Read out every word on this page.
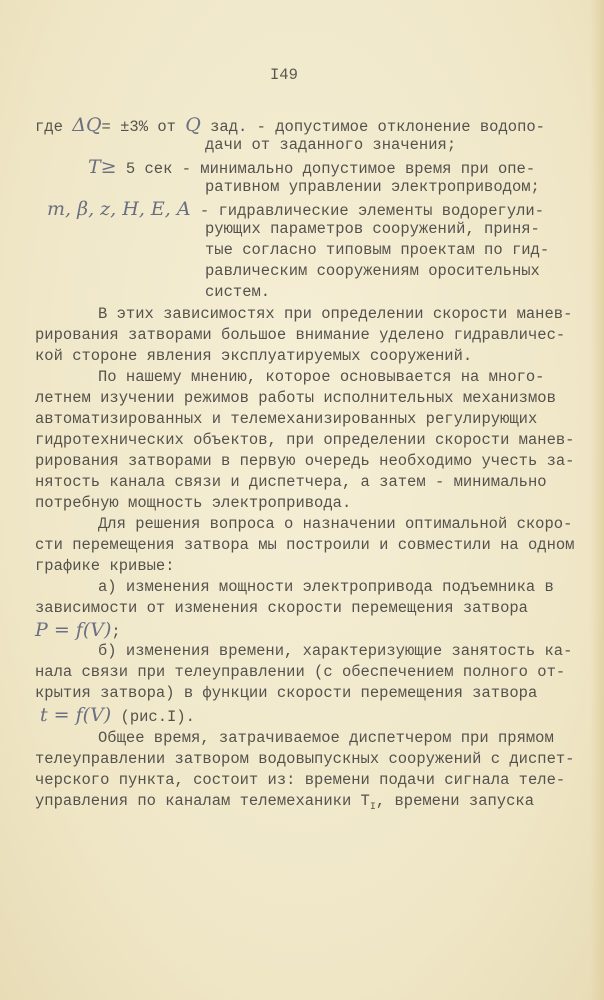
I49
где ΔQ= ±3% от Q зад. - допустимое отклонение водопо-
дачи от заданного значения;
T≥ 5 сек - минимально допустимое время при опе-
ративном управлении электроприводом;
m, β, z, H, E, A - гидравлические элементы водорегули-
рующих параметров сооружений, приня-
тые согласно типовым проектам по гид-
равлическим сооружениям оросительных
систем.
В этих зависимостях при определении скорости манев-
рирования затворами большое внимание уделено гидравличес-
кой стороне явления эксплуатируемых сооружений.
По нашему мнению, которое основывается на много-
летнем изучении режимов работы исполнительных механизмов
автоматизированных и телемеханизированных регулирующих
гидротехнических объектов, при определении скорости манев-
рирования затворами в первую очередь необходимо учесть за-
нятость канала связи и диспетчера, а затем - минимально
потребную мощность электропривода.
Для решения вопроса о назначении оптимальной скоро-
сти перемещения затвора мы построили и совместили на одном
графике кривые:
а) изменения мощности электропривода подъемника в
зависимости от изменения скорости перемещения затвора
P = f(V);
б) изменения времени, характеризующие занятость ка-
нала связи при телеуправлении (с обеспечением полного от-
крытия затвора) в функции скорости перемещения затвора
t = f(V) (рис.I).
Общее время, затрачиваемое диспетчером при прямом
телеуправлении затвором водовыпускных сооружений с диспет-
черского пункта, состоит из: времени подачи сигнала теле-
управления по каналам телемеханики $T_I$, времени запуска
